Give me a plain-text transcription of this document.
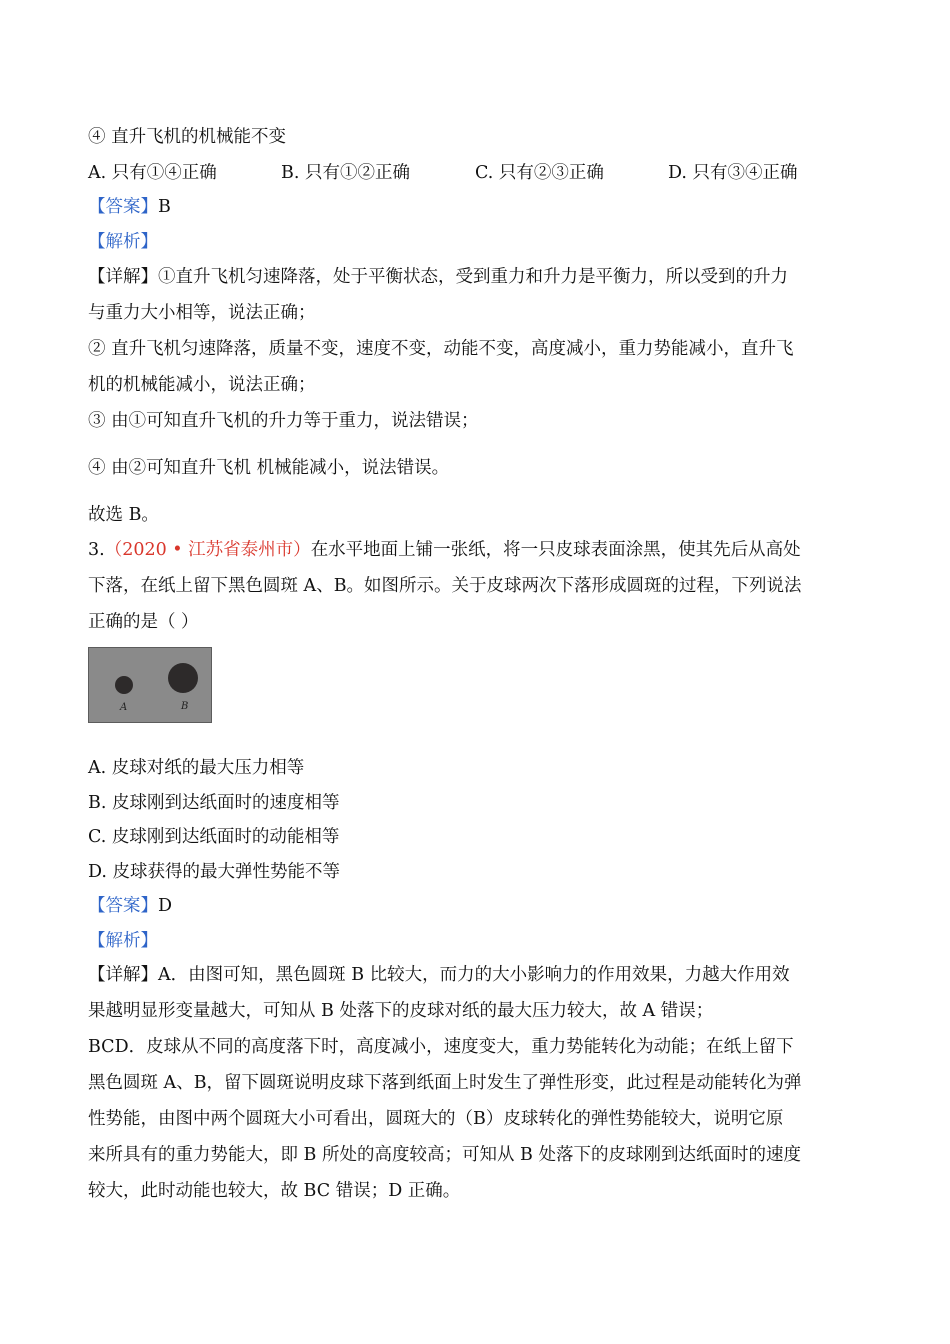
④ 直升飞机的机械能不变
A. 只有①④正确	B. 只有①②正确	C. 只有②③正确	D. 只有③④正确
【答案】B
【解析】
【详解】①直升飞机匀速降落，处于平衡状态，受到重力和升力是平衡力，所以受到的升力
与重力大小相等，说法正确；
② 直升飞机匀速降落，质量不变，速度不变，动能不变，高度减小，重力势能减小，直升飞
机的机械能减小，说法正确；
③ 由①可知直升飞机的升力等于重力，说法错误；
④ 由②可知直升飞机 机械能减小，说法错误。
故选 B。
3.（2020 • 江苏省泰州市）在水平地面上铺一张纸，将一只皮球表面涂黑，使其先后从高处
下落，在纸上留下黑色圆斑 A、B。如图所示。关于皮球两次下落形成圆斑的过程，下列说法
正确的是（ ）
A	B
A. 皮球对纸的最大压力相等
B. 皮球刚到达纸面时的速度相等
C. 皮球刚到达纸面时的动能相等
D. 皮球获得的最大弹性势能不等
【答案】D
【解析】
【详解】A．由图可知，黑色圆斑 B 比较大，而力的大小影响力的作用效果，力越大作用效
果越明显形变量越大，可知从 B 处落下的皮球对纸的最大压力较大，故 A 错误；
BCD．皮球从不同的高度落下时，高度减小，速度变大，重力势能转化为动能；在纸上留下
黑色圆斑 A、B，留下圆斑说明皮球下落到纸面上时发生了弹性形变，此过程是动能转化为弹
性势能，由图中两个圆斑大小可看出，圆斑大的（B）皮球转化的弹性势能较大，说明它原
来所具有的重力势能大，即 B 所处的高度较高；可知从 B 处落下的皮球刚到达纸面时的速度
较大，此时动能也较大，故 BC 错误；D 正确。
